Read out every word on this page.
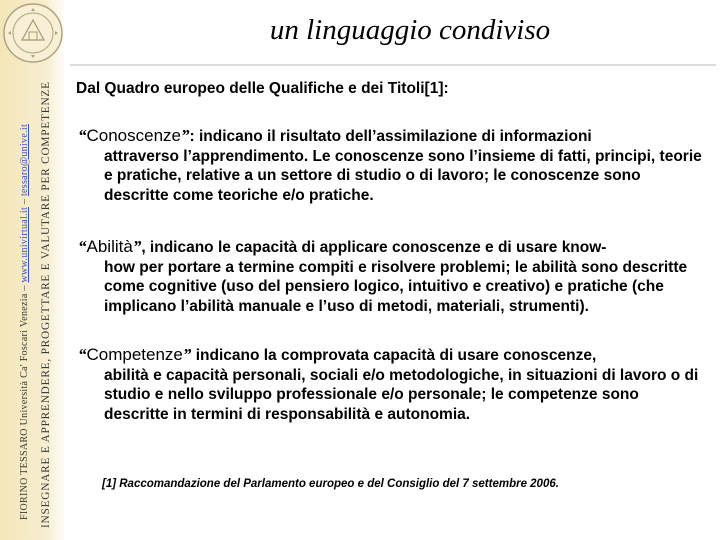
FIORINO TESSARO Università Ca' Foscari Venezia – www.univirtual.it – tessaro@unive.it INSEGNARE E APPRENDERE, PROGETTARE E VALUTARE PER COMPETENZE
un linguaggio condiviso
Dal Quadro europeo delle Qualifiche e dei Titoli[1]:
“Conoscenze”: indicano il risultato dell’assimilazione di informazioni
attraverso l’apprendimento. Le conoscenze sono l’insieme di fatti, principi, teorie e pratiche, relative a un settore di studio o di lavoro; le conoscenze sono descritte come teoriche e/o pratiche.
“Abilità”, indicano le capacità di applicare conoscenze e di usare know-
how per portare a termine compiti e risolvere problemi; le abilità sono descritte come cognitive (uso del pensiero logico, intuitivo e creativo) e pratiche (che implicano l’abilità manuale e l’uso di metodi, materiali, strumenti).
“Competenze” indicano la comprovata capacità di usare conoscenze,
abilità e capacità personali, sociali e/o metodologiche, in situazioni di lavoro o di studio e nello sviluppo professionale e/o personale; le competenze sono descritte in termini di responsabilità e autonomia.
[1] Raccomandazione del Parlamento europeo e del Consiglio del 7 settembre 2006.
